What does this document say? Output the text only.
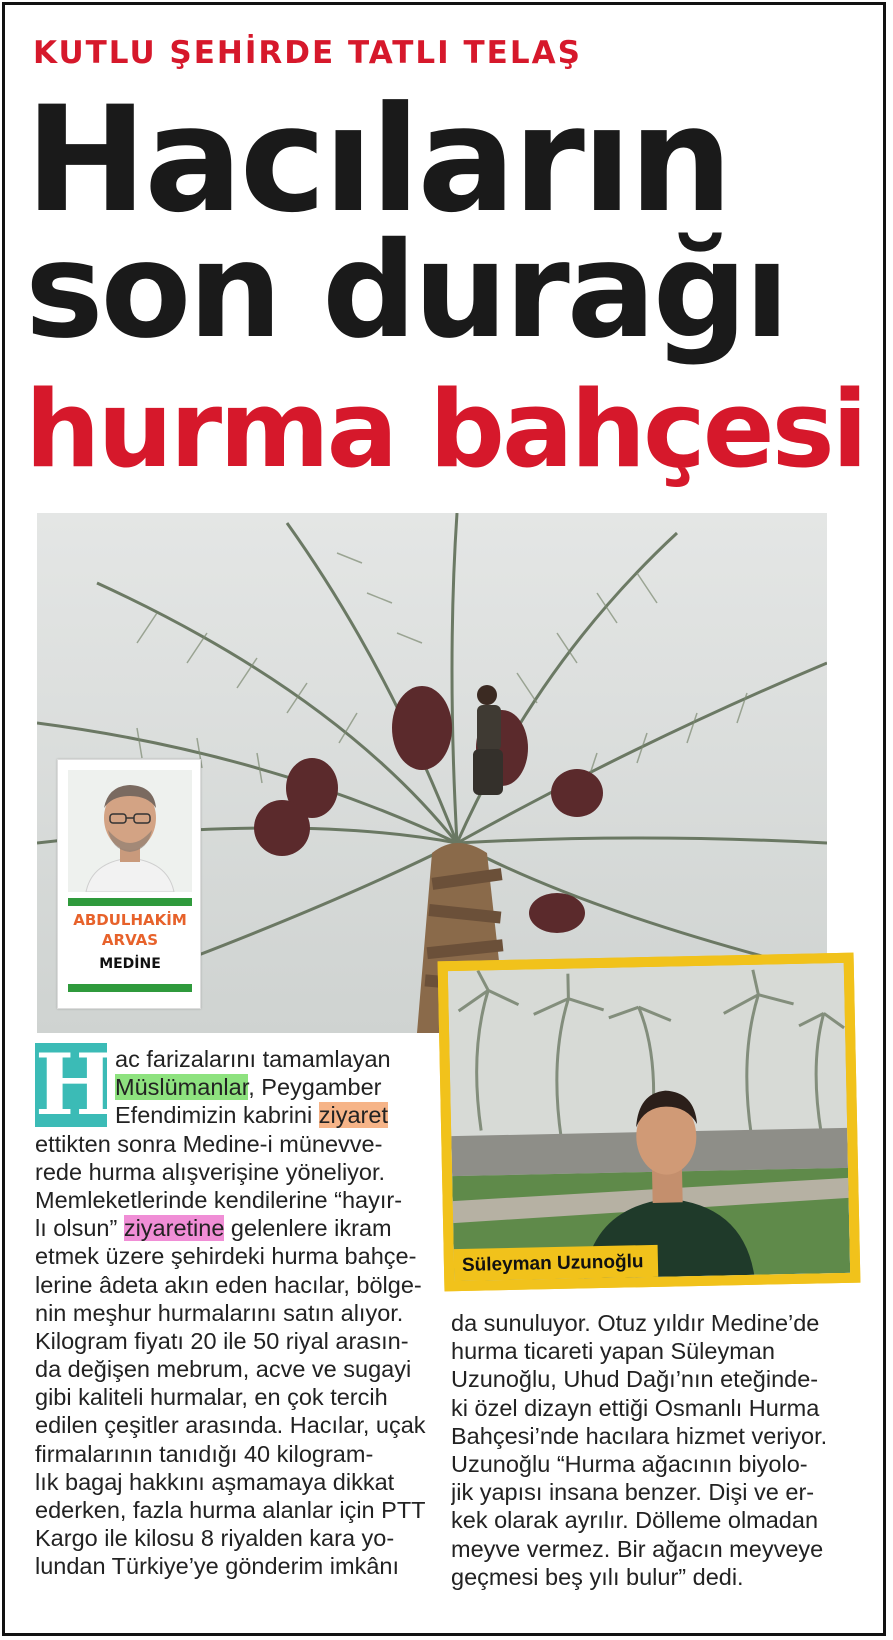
KUTLU ŞEHİRDE TATLI TELAŞ
Hacıların
son durağı
hurma bahçesi
ABDULHAKİM
ARVAS
MEDİNE
Süleyman Uzunoğlu
H ac farizalarını tamamlayan
Müslümanlar, Peygamber
Efendimizin kabrini ziyaret
ettikten sonra Medine-i münevve-
rede hurma alışverişine yöneliyor.
Memleketlerinde kendilerine “hayır-
lı olsun” ziyaretine gelenlere ikram
etmek üzere şehirdeki hurma bahçe-
lerine âdeta akın eden hacılar, bölge-
nin meşhur hurmalarını satın alıyor.
Kilogram fiyatı 20 ile 50 riyal arasın-
da değişen mebrum, acve ve sugayi
gibi kaliteli hurmalar, en çok tercih
edilen çeşitler arasında. Hacılar, uçak
firmalarının tanıdığı 40 kilogram-
lık bagaj hakkını aşmamaya dikkat
ederken, fazla hurma alanlar için PTT
Kargo ile kilosu 8 riyalden kara yo-
lundan Türkiye’ye gönderim imkânı
da sunuluyor. Otuz yıldır Medine’de
hurma ticareti yapan Süleyman
Uzunoğlu, Uhud Dağı’nın eteğinde-
ki özel dizayn ettiği Osmanlı Hurma
Bahçesi’nde hacılara hizmet veriyor.
Uzunoğlu “Hurma ağacının biyolo-
jik yapısı insana benzer. Dişi ve er-
kek olarak ayrılır. Dölleme olmadan
meyve vermez. Bir ağacın meyveye
geçmesi beş yılı bulur” dedi.
